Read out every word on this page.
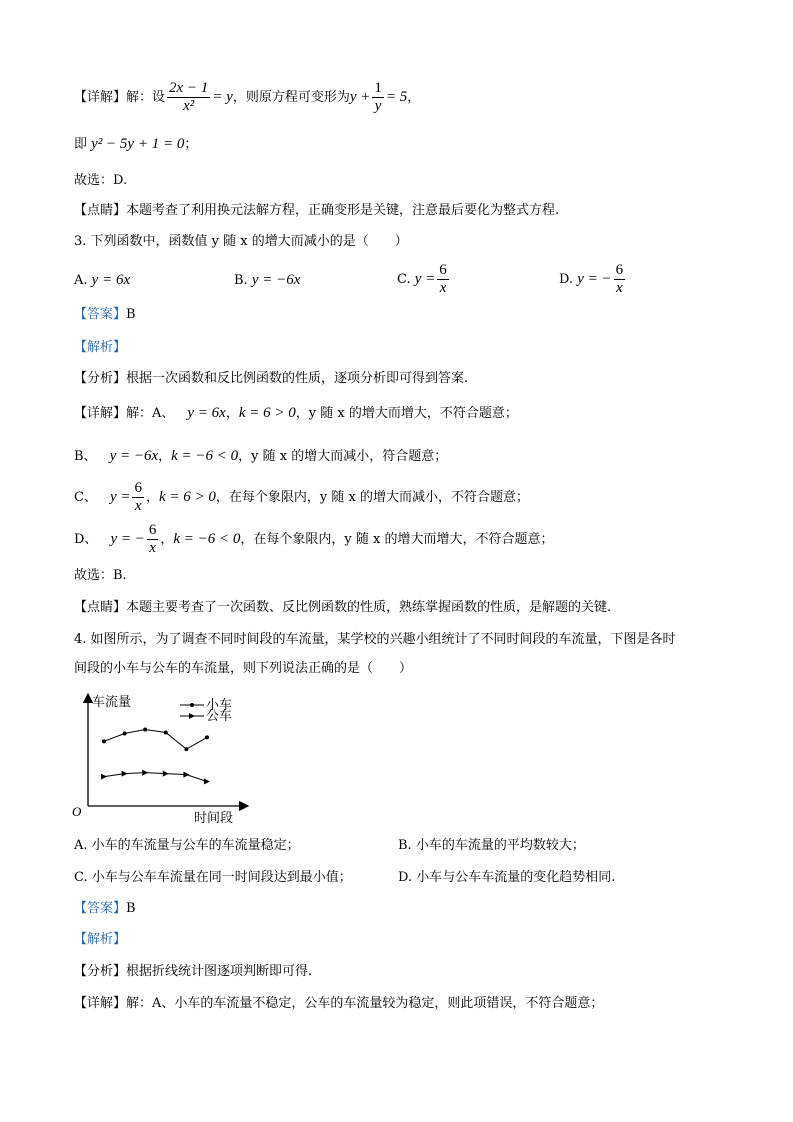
【详解】解：设 $\frac{2x - 1}{\text{x²}} = y$，则原方程可变形为$y + \frac{1}{y} = 5$，
即 y² − 5y + 1 = 0；
故选：D.
【点睛】本题考查了利用换元法解方程，正确变形是关键，注意最后要化为整式方程.
3. 下列函数中，函数值 y 随 x 的增大而减小的是（　　）
A. y = 6x	B. y = −6x	C. $y = \frac{6}{x}$	D. y = − $\frac{6}{x}$
【答案】B
【解析】
【分析】根据一次函数和反比例函数的性质，逐项分析即可得到答案.
【详解】解：A、  y = 6x，k = 6 > 0，y 随 x 的增大而增大，不符合题意；
B、  y = −6x，k = −6 < 0，y 随 x 的增大而减小，符合题意；
C、  $y = \frac{6}{x}$ ，k = 6 > 0，在每个象限内，y 随 x 的增大而减小，不符合题意；
D、  y = − $\frac{6}{x}$ ，k = −6 < 0，在每个象限内，y 随 x 的增大而增大，不符合题意；
故选：B.
【点睛】本题主要考查了一次函数、反比例函数的性质，熟练掌握函数的性质，是解题的关键.
4. 如图所示，为了调查不同时间段的车流量，某学校的兴趣小组统计了不同时间段的车流量，下图是各时
间段的小车与公车的车流量，则下列说法正确的是（　　）
车流量
O	时间段
小车
公车
A. 小车的车流量与公车的车流量稳定；	B. 小车的车流量的平均数较大；
C. 小车与公车车流量在同一时间段达到最小值；	D. 小车与公车车流量的变化趋势相同.
【答案】B
【解析】
【分析】根据折线统计图逐项判断即可得.
【详解】解：A、小车的车流量不稳定，公车的车流量较为稳定，则此项错误，不符合题意；
